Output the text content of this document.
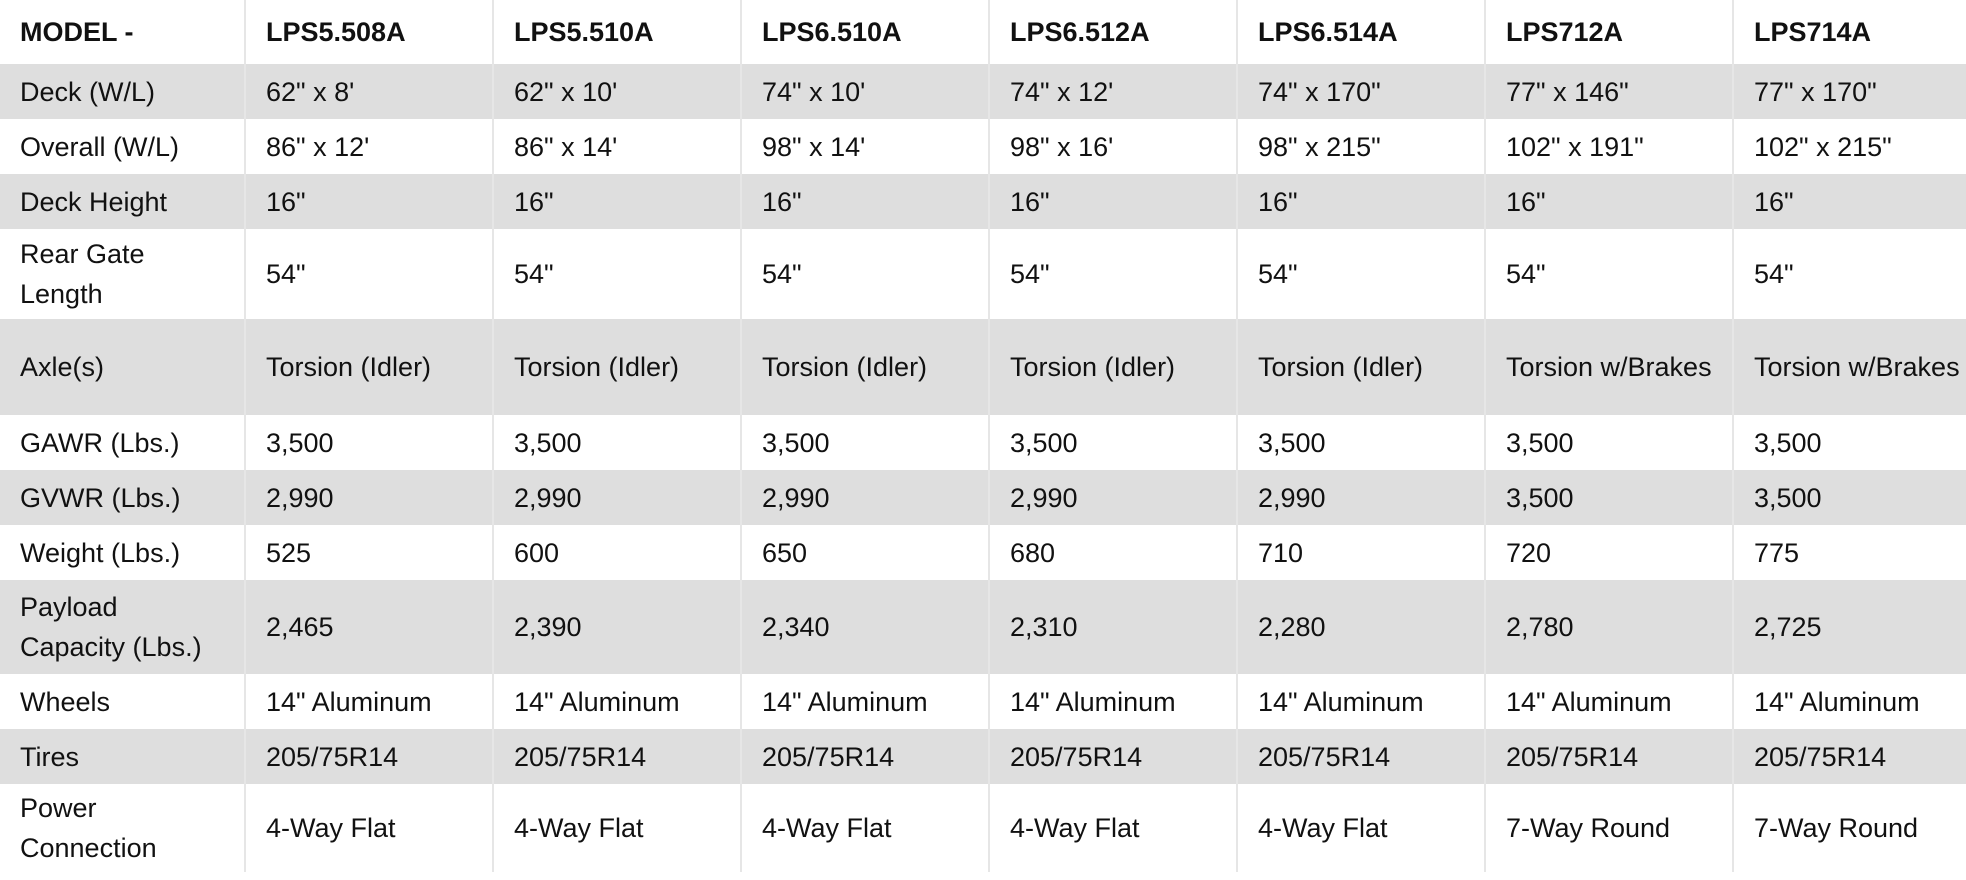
MODEL -	LPS5.508A	LPS5.510A	LPS6.510A	LPS6.512A	LPS6.514A	LPS712A	LPS714A
Deck (W/L)	62" x 8'	62" x 10'	74" x 10'	74" x 12'	74" x 170"	77" x 146"	77" x 170"
Overall (W/L)	86" x 12'	86" x 14'	98" x 14'	98" x 16'	98" x 215"	102" x 191"	102" x 215"
Deck Height	16"	16"	16"	16"	16"	16"	16"
Rear Gate Length	54"	54"	54"	54"	54"	54"	54"
Axle(s)	Torsion (Idler)	Torsion (Idler)	Torsion (Idler)	Torsion (Idler)	Torsion (Idler)	Torsion w/Brakes	Torsion w/Brakes
GAWR (Lbs.)	3,500	3,500	3,500	3,500	3,500	3,500	3,500
GVWR (Lbs.)	2,990	2,990	2,990	2,990	2,990	3,500	3,500
Weight (Lbs.)	525	600	650	680	710	720	775
Payload Capacity (Lbs.)	2,465	2,390	2,340	2,310	2,280	2,780	2,725
Wheels	14" Aluminum	14" Aluminum	14" Aluminum	14" Aluminum	14" Aluminum	14" Aluminum	14" Aluminum
Tires	205/75R14	205/75R14	205/75R14	205/75R14	205/75R14	205/75R14	205/75R14
Power Connection	4-Way Flat	4-Way Flat	4-Way Flat	4-Way Flat	4-Way Flat	7-Way Round	7-Way Round
